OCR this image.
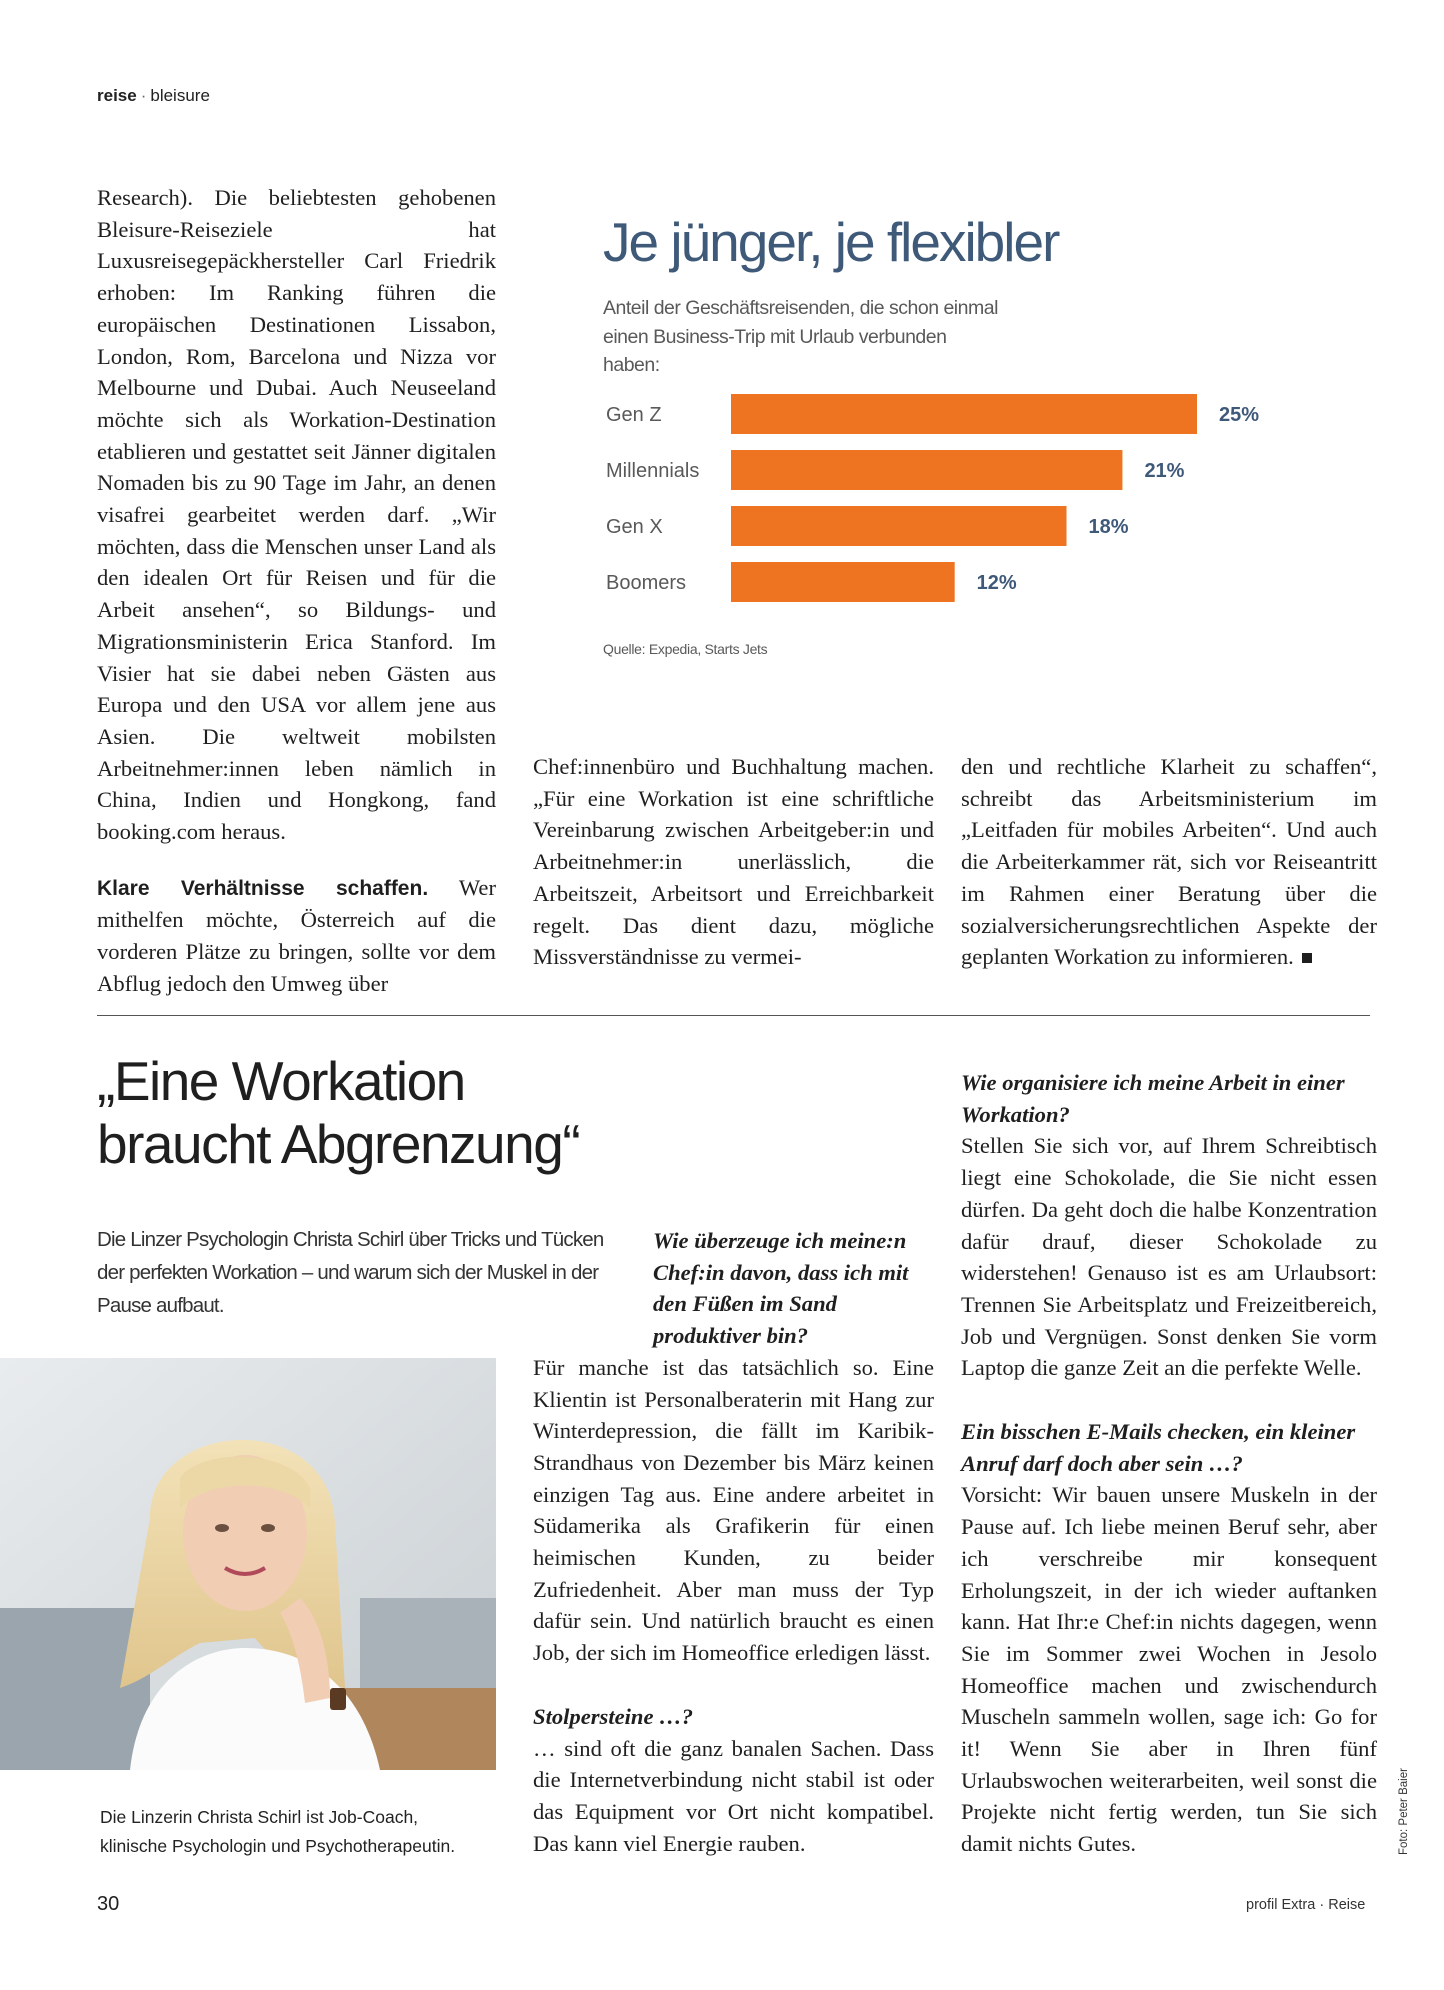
reise · bleisure

Research). Die beliebtesten gehobenen Bleisure-Reiseziele hat Luxusreisegepäckhersteller Carl Friedrik erhoben: Im Ranking führen die europäischen Destinationen Lissabon, London, Rom, Barcelona und Nizza vor Melbourne und Dubai. Auch Neuseeland möchte sich als Workation-Destination etablieren und gestattet seit Jänner digitalen Nomaden bis zu 90 Tage im Jahr, an denen visafrei gearbeitet werden darf. „Wir möchten, dass die Menschen unser Land als den idealen Ort für Reisen und für die Arbeit ansehen“, so Bildungs- und Migrationsministerin Erica Stanford. Im Visier hat sie dabei neben Gästen aus Europa und den USA vor allem jene aus Asien. Die weltweit mobilsten Arbeitnehmer:innen leben nämlich in China, Indien und Hongkong, fand booking.com heraus.

Klare Verhältnisse schaffen. Wer mithelfen möchte, Österreich auf die vorderen Plätze zu bringen, sollte vor dem Abflug jedoch den Umweg über

Je jünger, je flexibler
Anteil der Geschäftsreisenden, die schon einmal einen Business-Trip mit Urlaub verbunden haben:
Gen Z	25%
Millennials	21%
Gen X	18%
Boomers	12%
Quelle: Expedia, Starts Jets

Chef:innenbüro und Buchhaltung machen. „Für eine Workation ist eine schriftliche Vereinbarung zwischen Arbeitgeber:in und Arbeitnehmer:in unerlässlich, die Arbeitszeit, Arbeitsort und Erreichbarkeit regelt. Das dient dazu, mögliche Missverständnisse zu vermei-

den und rechtliche Klarheit zu schaffen“, schreibt das Arbeitsministerium im „Leitfaden für mobiles Arbeiten“. Und auch die Arbeiterkammer rät, sich vor Reiseantritt im Rahmen einer Beratung über die sozialversicherungsrechtlichen Aspekte der geplanten Workation zu informieren.

„Eine Workation
braucht Abgrenzung“
Die Linzer Psychologin Christa Schirl über Tricks und Tücken der perfekten Workation – und warum sich der Muskel in der Pause aufbaut.
Die Linzerin Christa Schirl ist Job-Coach,
klinische Psychologin und Psychotherapeutin.

Wie überzeuge ich meine:n Chef:in davon, dass ich mit den Füßen im Sand produktiver bin?

Für manche ist das tatsächlich so. Eine Klientin ist Personalberaterin mit Hang zur Winterdepression, die fällt im Karibik-Strandhaus von Dezember bis März keinen einzigen Tag aus. Eine andere arbeitet in Südamerika als Grafikerin für einen heimischen Kunden, zu beider Zufriedenheit. Aber man muss der Typ dafür sein. Und natürlich braucht es einen Job, der sich im Homeoffice erledigen lässt.

Stolpersteine …?

… sind oft die ganz banalen Sachen. Dass die Internetverbindung nicht stabil ist oder das Equipment vor Ort nicht kompatibel. Das kann viel Energie rauben.

Wie organisiere ich meine Arbeit in einer Workation?

Stellen Sie sich vor, auf Ihrem Schreibtisch liegt eine Schokolade, die Sie nicht essen dürfen. Da geht doch die halbe Konzentration dafür drauf, dieser Schokolade zu widerstehen! Genauso ist es am Urlaubsort: Trennen Sie Arbeitsplatz und Freizeitbereich, Job und Vergnügen. Sonst denken Sie vorm Laptop die ganze Zeit an die perfekte Welle.

Ein bisschen E-Mails checken, ein kleiner Anruf darf doch aber sein …?

Vorsicht: Wir bauen unsere Muskeln in der Pause auf. Ich liebe meinen Beruf sehr, aber ich verschreibe mir konsequent Erholungszeit, in der ich wieder auftanken kann. Hat Ihr:e Chef:in nichts dagegen, wenn Sie im Sommer zwei Wochen in Jesolo Homeoffice machen und zwischendurch Muscheln sammeln wollen, sage ich: Go for it! Wenn Sie aber in Ihren fünf Urlaubswochen weiterarbeiten, weil sonst die Projekte nicht fertig werden, tun Sie sich damit nichts Gutes.	Foto: Peter Baier
30	profil Extra · Reise
